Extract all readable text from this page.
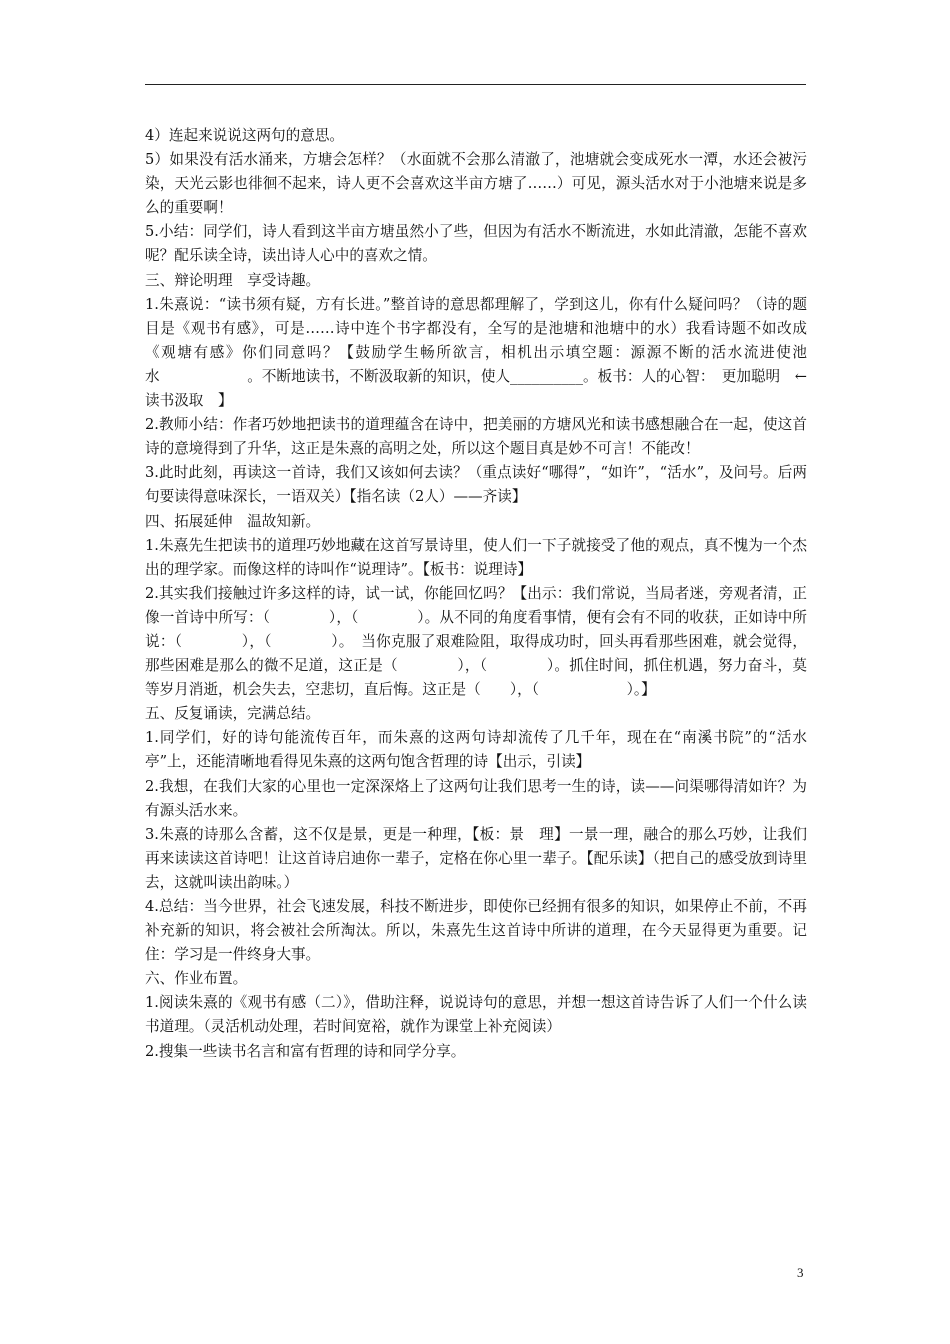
4）连起来说说这两句的意思。

5）如果没有活水涌来，方塘会怎样？（水面就不会那么清澈了，池塘就会变成死水一潭，水还会被污染，天光云影也徘徊不起来，诗人更不会喜欢这半亩方塘了……）可见，源头活水对于小池塘来说是多么的重要啊！

5.小结：同学们，诗人看到这半亩方塘虽然小了些，但因为有活水不断流进，水如此清澈，怎能不喜欢呢？配乐读全诗，读出诗人心中的喜欢之情。

三、辩论明理　享受诗趣。

1.朱熹说：“读书须有疑，方有长进。”整首诗的意思都理解了，学到这儿，你有什么疑问吗？（诗的题目是《观书有感》，可是……诗中连个书字都没有，全写的是池塘和池塘中的水）我看诗题不如改成《观塘有感》你们同意吗？【鼓励学生畅所欲言，相机出示填空题：源源不断的活水流进使池水　　　　　　。不断地读书，不断汲取新的知识，使人__________。板书：人的心智：　更加聪明　←　读书汲取　】

2.教师小结：作者巧妙地把读书的道理蕴含在诗中，把美丽的方塘风光和读书感想融合在一起，使这首诗的意境得到了升华，这正是朱熹的高明之处，所以这个题目真是妙不可言！不能改！

3.此时此刻，再读这一首诗，我们又该如何去读？（重点读好“哪得”，“如许”，“活水”，及问号。后两句要读得意味深长，一语双关）【指名读（2人）——齐读】

四、拓展延伸　温故知新。

1.朱熹先生把读书的道理巧妙地藏在这首写景诗里，使人们一下子就接受了他的观点，真不愧为一个杰出的理学家。而像这样的诗叫作“说理诗”。【板书：说理诗】

2.其实我们接触过许多这样的诗，试一试，你能回忆吗？【出示：我们常说，当局者迷，旁观者清，正像一首诗中所写：（　　　　），（　　　　）。从不同的角度看事情，便有会有不同的收获，正如诗中所说：（　　　　），（　　　　）。　当你克服了艰难险阻，取得成功时，回头再看那些困难，就会觉得，那些困难是那么的微不足道，这正是（　　　　），（　　　　）。抓住时间，抓住机遇，努力奋斗，莫等岁月消逝，机会失去，空悲切，直后悔。这正是（　　），（　　　　　　）。】

五、反复诵读，完满总结。

1.同学们，好的诗句能流传百年，而朱熹的这两句诗却流传了几千年，现在在“南溪书院”的“活水亭”上，还能清晰地看得见朱熹的这两句饱含哲理的诗【出示，引读】

2.我想，在我们大家的心里也一定深深烙上了这两句让我们思考一生的诗，读——问渠哪得清如许？为有源头活水来。

3.朱熹的诗那么含蓄，这不仅是景，更是一种理，【板：景　理】一景一理，融合的那么巧妙，让我们再来读读这首诗吧！让这首诗启迪你一辈子，定格在你心里一辈子。【配乐读】（把自己的感受放到诗里去，这就叫读出韵味。）

4.总结：当今世界，社会飞速发展，科技不断进步，即使你已经拥有很多的知识，如果停止不前，不再补充新的知识，将会被社会所淘汰。所以，朱熹先生这首诗中所讲的道理，在今天显得更为重要。记住：学习是一件终身大事。

六、作业布置。

1.阅读朱熹的《观书有感（二）》，借助注释，说说诗句的意思，并想一想这首诗告诉了人们一个什么读书道理。（灵活机动处理，若时间宽裕，就作为课堂上补充阅读）

2.搜集一些读书名言和富有哲理的诗和同学分享。

3
